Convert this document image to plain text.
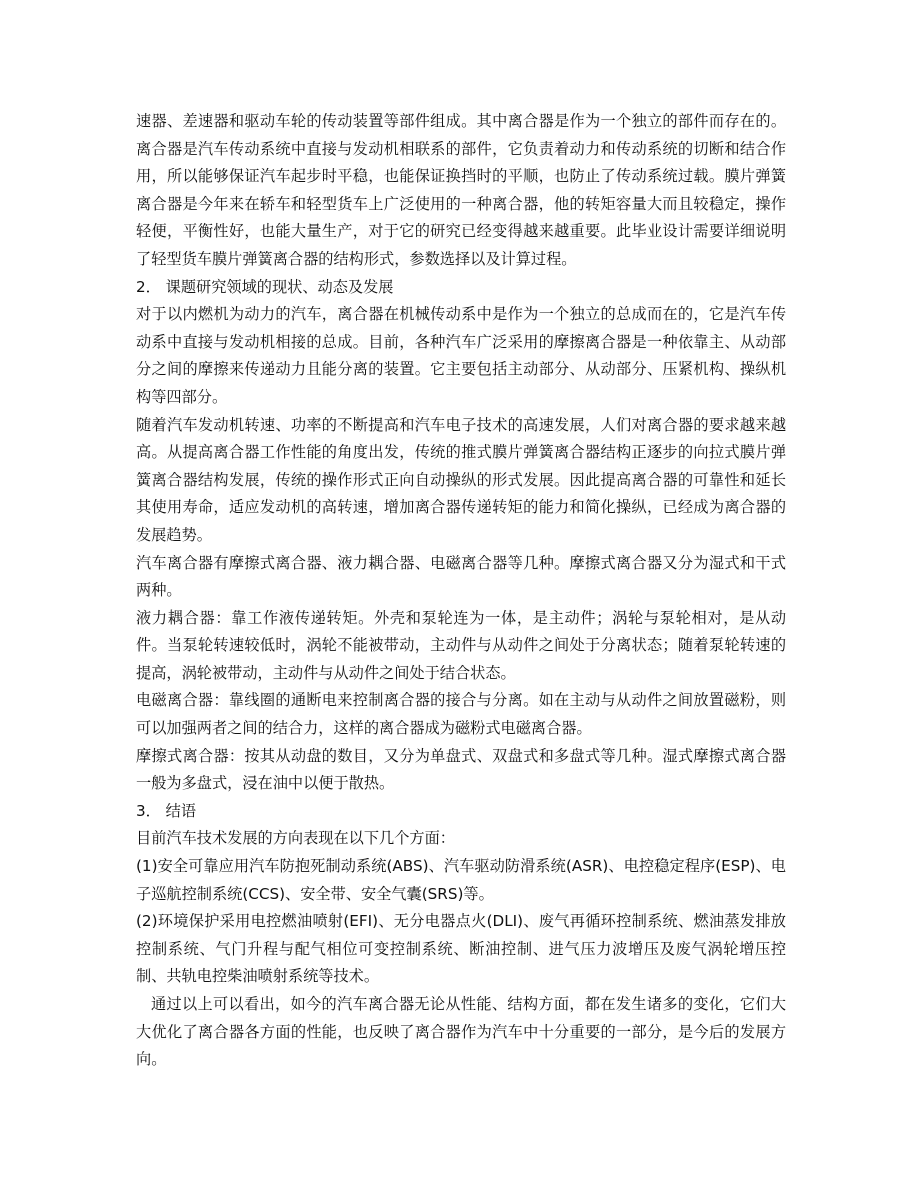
速器、差速器和驱动车轮的传动装置等部件组成。其中离合器是作为一个独立的部件而存在的。离合器是汽车传动系统中直接与发动机相联系的部件，它负责着动力和传动系统的切断和结合作用，所以能够保证汽车起步时平稳，也能保证换挡时的平顺，也防止了传动系统过载。膜片弹簧离合器是今年来在轿车和轻型货车上广泛使用的一种离合器，他的转矩容量大而且较稳定，操作轻便，平衡性好，也能大量生产，对于它的研究已经变得越来越重要。此毕业设计需要详细说明了轻型货车膜片弹簧离合器的结构形式，参数选择以及计算过程。

2． 课题研究领域的现状、动态及发展

对于以内燃机为动力的汽车，离合器在机械传动系中是作为一个独立的总成而在的，它是汽车传动系中直接与发动机相接的总成。目前，各种汽车广泛采用的摩擦离合器是一种依靠主、从动部分之间的摩擦来传递动力且能分离的装置。它主要包括主动部分、从动部分、压紧机构、操纵机构等四部分。

随着汽车发动机转速、功率的不断提高和汽车电子技术的高速发展，人们对离合器的要求越来越高。从提高离合器工作性能的角度出发，传统的推式膜片弹簧离合器结构正逐步的向拉式膜片弹簧离合器结构发展，传统的操作形式正向自动操纵的形式发展。因此提高离合器的可靠性和延长其使用寿命，适应发动机的高转速，增加离合器传递转矩的能力和简化操纵，已经成为离合器的发展趋势。

汽车离合器有摩擦式离合器、液力耦合器、电磁离合器等几种。摩擦式离合器又分为湿式和干式两种。

液力耦合器：靠工作液传递转矩。外壳和泵轮连为一体，是主动件；涡轮与泵轮相对，是从动件。当泵轮转速较低时，涡轮不能被带动，主动件与从动件之间处于分离状态；随着泵轮转速的提高，涡轮被带动，主动件与从动件之间处于结合状态。

电磁离合器：靠线圈的通断电来控制离合器的接合与分离。如在主动与从动件之间放置磁粉，则可以加强两者之间的结合力，这样的离合器成为磁粉式电磁离合器。

摩擦式离合器：按其从动盘的数目，又分为单盘式、双盘式和多盘式等几种。湿式摩擦式离合器一般为多盘式，浸在油中以便于散热。

3． 结语

目前汽车技术发展的方向表现在以下几个方面：

(1)安全可靠应用汽车防抱死制动系统(ABS)、汽车驱动防滑系统(ASR)、电控稳定程序(ESP)、电子巡航控制系统(CCS)、安全带、安全气囊(SRS)等。

(2)环境保护采用电控燃油喷射(EFI)、无分电器点火(DLI)、废气再循环控制系统、燃油蒸发排放控制系统、气门升程与配气相位可变控制系统、断油控制、进气压力波增压及废气涡轮增压控制、共轨电控柴油喷射系统等技术。

通过以上可以看出，如今的汽车离合器无论从性能、结构方面，都在发生诸多的变化，它们大大优化了离合器各方面的性能，也反映了离合器作为汽车中十分重要的一部分，是今后的发展方向。
